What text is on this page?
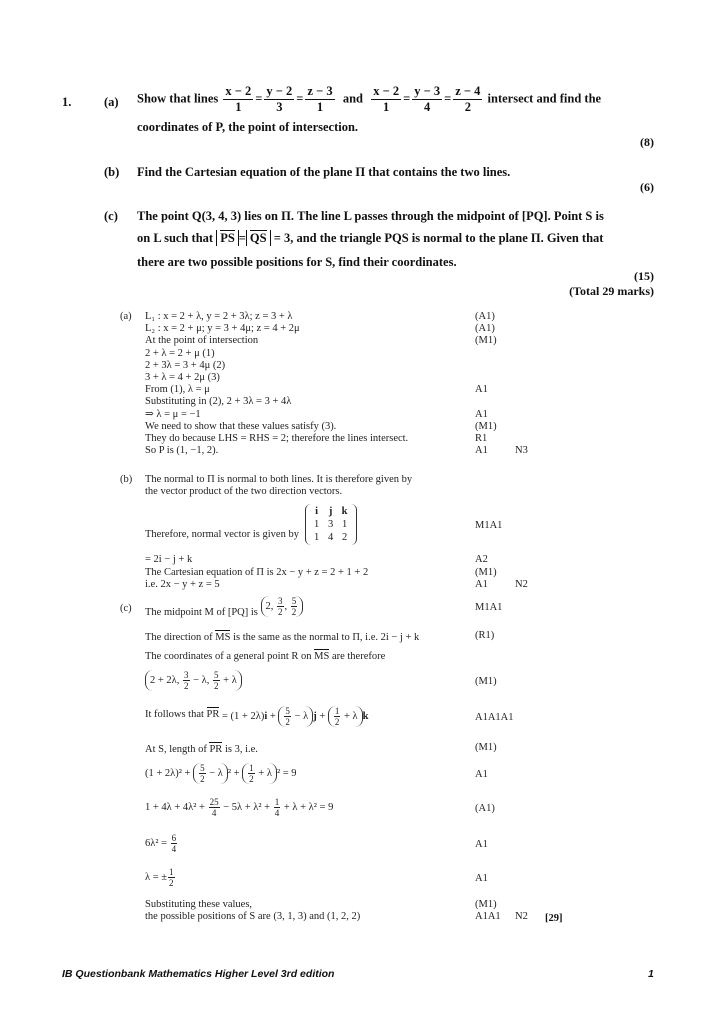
1.	(a) Show that lines $\frac{x - 2}{1} = \frac{y - 2}{3} = \frac{z - 3}{1}$ and $\frac{x - 2}{1} = \frac{y - 3}{4} = \frac{z - 4}{2}$ intersect and find the
coordinates of P, the point of intersection.
(8)
(b) Find the Cartesian equation of the plane Π that contains the two lines.
(6)
(c) The point Q(3, 4, 3) lies on Π. The line L passes through the midpoint of [PQ]. Point S is
on L such that PS = QS = 3, and the triangle PQS is normal to the plane Π. Given that
there are two possible positions for S, find their coordinates.
(15)
(Total 29 marks)
(a) L₁ : x = 2 + λ, y = 2 + 3λ; z = 3 + λ	(A1)
L₂ : x = 2 + μ; y = 3 + 4μ; z = 4 + 2μ	(A1)
At the point of intersection	(M1)
2 + λ = 2 + μ (1)
2 + 3λ = 3 + 4μ (2)
3 + λ = 4 + 2μ (3)
From (1), λ = μ	A1
Substituting in (2), 2 + 3λ = 3 + 4λ
⇒ λ = μ = −1	A1
We need to show that these values satisfy (3).	(M1)
They do because LHS = RHS = 2; therefore the lines intersect.	R1
So P is (1, −1, 2).	A1	N3
(b) The normal to Π is normal to both lines. It is therefore given by
the vector product of the two direction vectors.
Therefore, normal vector is given by
i	j k
1 3 1
1 4 2
M1A1
= 2i − j + k	A2
The Cartesian equation of Π is 2x − y + z = 2 + 1 + 2	(M1)
i.e. 2x − y + z = 5	A1	N2
(c) The midpoint M of [PQ] is 2, $\frac{3}{2}$ , $\frac{5}{2}$	M1A1
The direction of MS is the same as the normal to Π, i.e. 2i − j + k	(R1)
The coordinates of a general point R on MS are therefore
2 + 2λ, $\frac{3}{2} - \lambda$, $\frac{5}{2} + \lambda$	(M1)
It follows that PR = $(1 + 2\lambda)i + \frac{5}{2} - \lambda$ $j + \frac{1}{2} + \lambda$ k	A1A1A1
At S, length of PR is 3, i.e.	(M1)
$(1 + 2\lambda)^2 + \frac{5}{2} - \lambda$ $^2 + \frac{1}{2} + \lambda$ ² = 9	A1
$1 + 4\lambda + 4\lambda^2 + \frac{25}{4} - 5\lambda + \lambda^2 + \frac{1}{4} + \lambda + \lambda^2 = 9$	(A1)
$6\lambda^2 = \frac{6}{4}$	A1
λ = ± $\frac{1}{2}$	A1
Substituting these values,	(M1)
the possible positions of S are (3, 1, 3) and (1, 2, 2)	A1A1 N2 [29]
IB Questionbank Mathematics Higher Level 3rd edition	1
